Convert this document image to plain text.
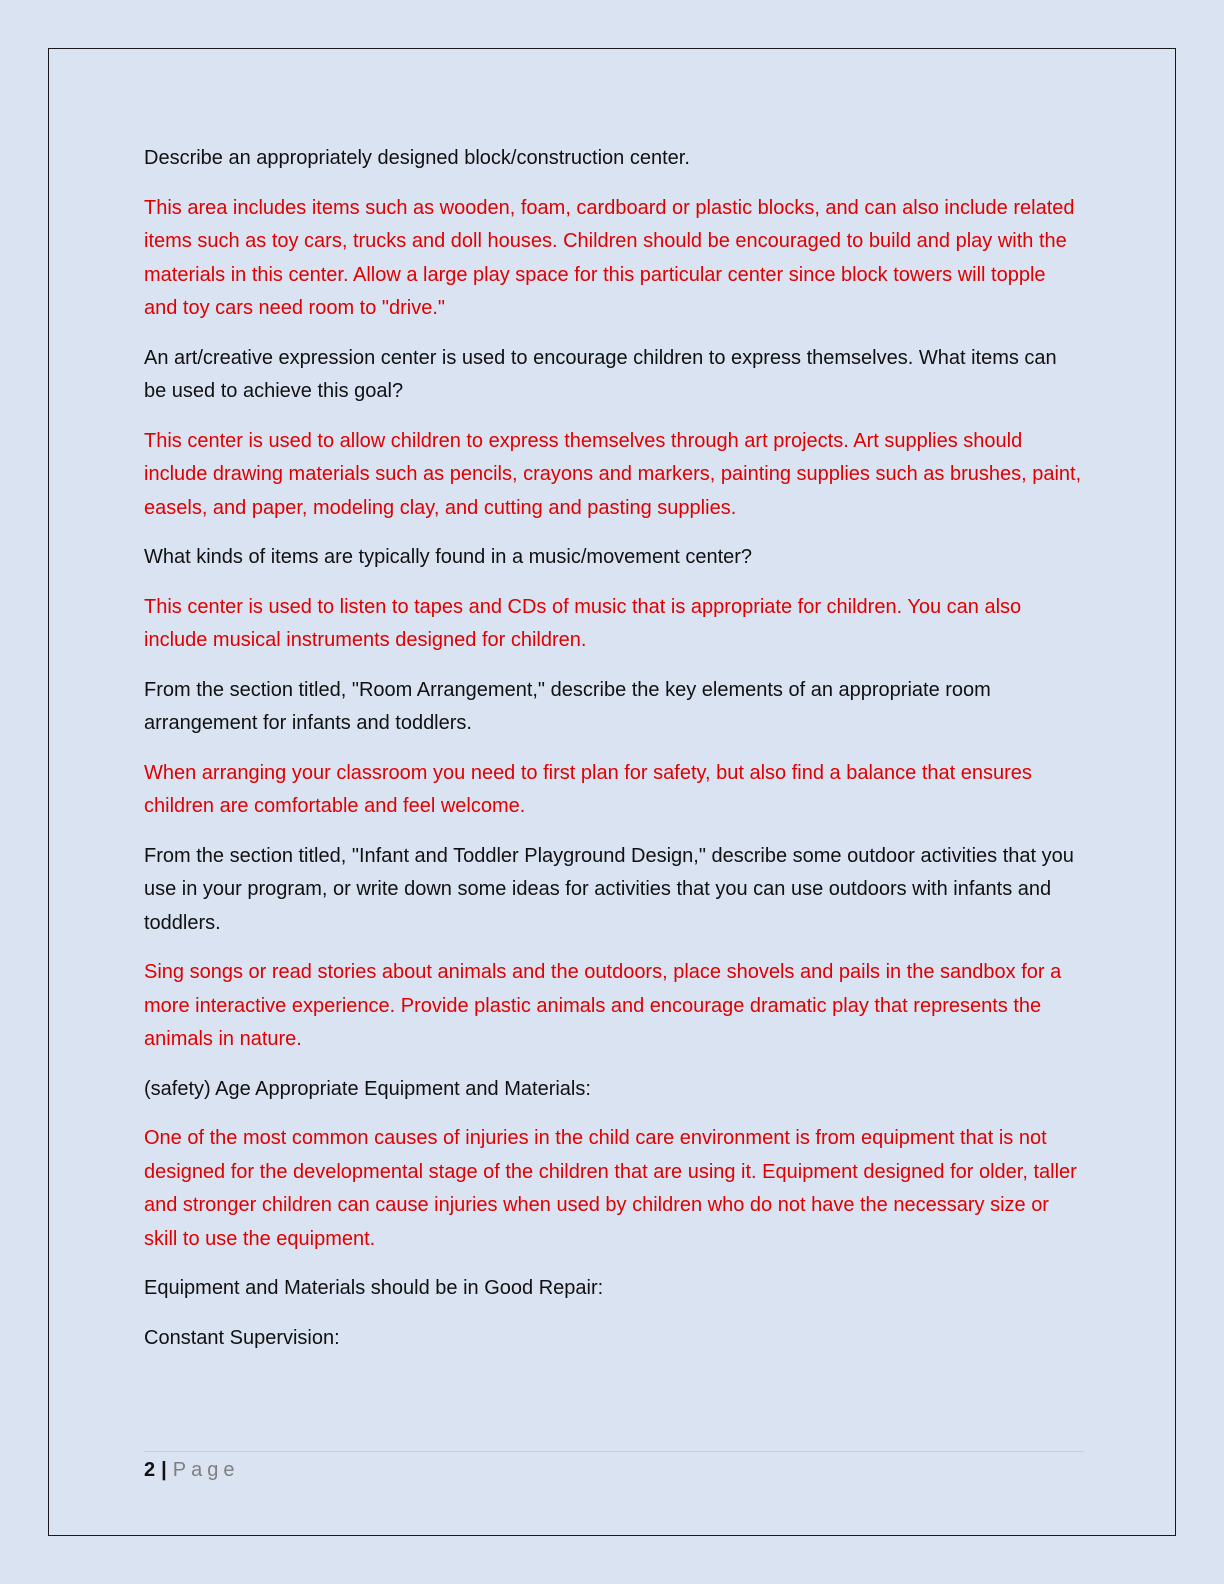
Describe an appropriately designed block/construction center.

This area includes items such as wooden, foam, cardboard or plastic blocks, and can also include related items such as toy cars, trucks and doll houses. Children should be encouraged to build and play with the materials in this center. Allow a large play space for this particular center since block towers will topple and toy cars need room to "drive."

An art/creative expression center is used to encourage children to express themselves. What items can be used to achieve this goal?

This center is used to allow children to express themselves through art projects. Art supplies should include drawing materials such as pencils, crayons and markers, painting supplies such as brushes, paint, easels, and paper, modeling clay, and cutting and pasting supplies.

What kinds of items are typically found in a music/movement center?

This center is used to listen to tapes and CDs of music that is appropriate for children. You can also include musical instruments designed for children.

From the section titled, "Room Arrangement," describe the key elements of an appropriate room arrangement for infants and toddlers.

When arranging your classroom you need to first plan for safety, but also find a balance that ensures children are comfortable and feel welcome.

From the section titled, "Infant and Toddler Playground Design," describe some outdoor activities that you use in your program, or write down some ideas for activities that you can use outdoors with infants and toddlers.

Sing songs or read stories about animals and the outdoors, place shovels and pails in the sandbox for a more interactive experience. Provide plastic animals and encourage dramatic play that represents the animals in nature.

(safety) Age Appropriate Equipment and Materials:

One of the most common causes of injuries in the child care environment is from equipment that is not designed for the developmental stage of the children that are using it. Equipment designed for older, taller and stronger children can cause injuries when used by children who do not have the necessary size or skill to use the equipment.

Equipment and Materials should be in Good Repair:

Constant Supervision:

2 | Page
